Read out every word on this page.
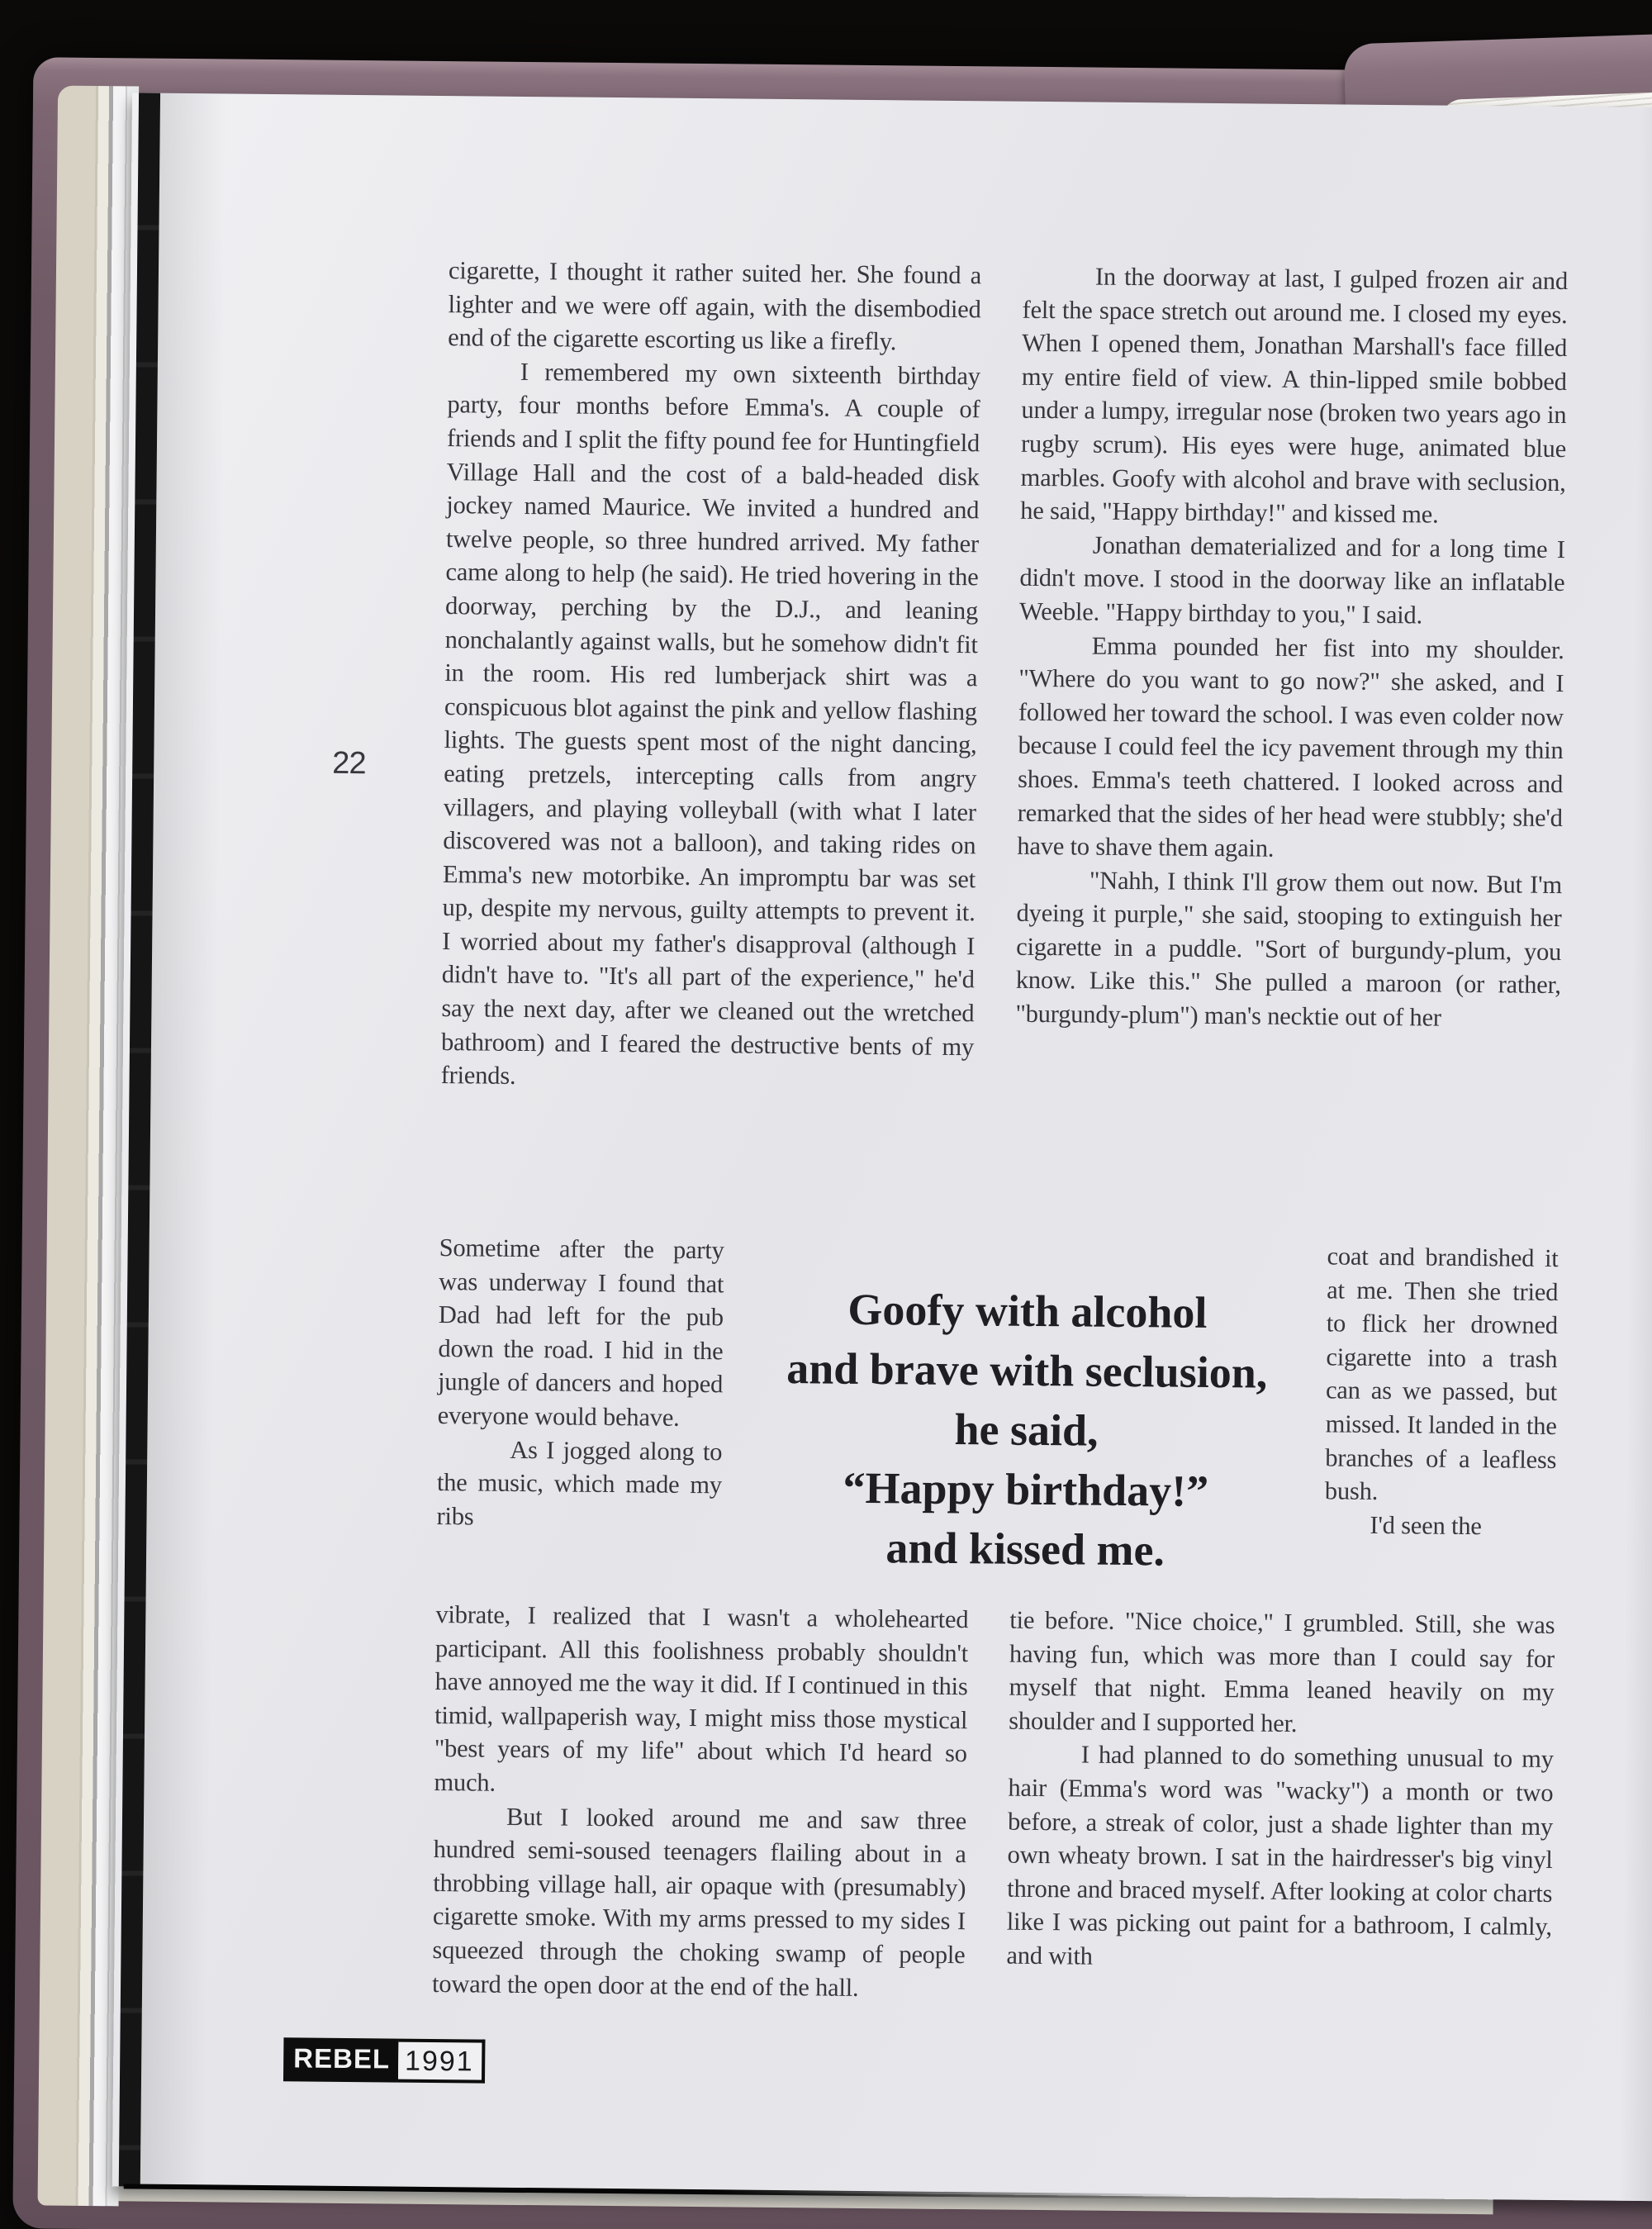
22

cigarette, I thought it rather suited her. She found a lighter and we were off again, with the disembodied end of the cigarette escorting us like a firefly.

I remembered my own sixteenth birthday party, four months before Emma's. A couple of friends and I split the fifty pound fee for Huntingfield Village Hall and the cost of a bald-headed disk jockey named Maurice. We invited a hundred and twelve people, so three hundred arrived. My father came along to help (he said). He tried hovering in the doorway, perching by the D.J., and leaning nonchalantly against walls, but he somehow didn't fit in the room. His red lumberjack shirt was a conspicuous blot against the pink and yellow flashing lights. The guests spent most of the night dancing, eating pretzels, intercepting calls from angry villagers, and playing volleyball (with what I later discovered was not a balloon), and taking rides on Emma's new motorbike. An impromptu bar was set up, despite my nervous, guilty attempts to prevent it. I worried about my father's disapproval (although I didn't have to. "It's all part of the experience," he'd say the next day, after we cleaned out the wretched bathroom) and I feared the destructive bents of my friends.

Sometime after the party was underway I found that Dad had left for the pub down the road. I hid in the jungle of dancers and hoped everyone would behave.

As I jogged along to the music, which made my ribs

vibrate, I realized that I wasn't a wholehearted participant. All this foolishness probably shouldn't have annoyed me the way it did. If I continued in this timid, wallpaperish way, I might miss those mystical "best years of my life" about which I'd heard so much.

But I looked around me and saw three hundred semi-soused teenagers flailing about in a throbbing village hall, air opaque with (presumably) cigarette smoke. With my arms pressed to my sides I squeezed through the choking swamp of people toward the open door at the end of the hall.

In the doorway at last, I gulped frozen air and felt the space stretch out around me. I closed my eyes. When I opened them, Jonathan Marshall's face filled my entire field of view. A thin-lipped smile bobbed under a lumpy, irregular nose (broken two years ago in rugby scrum). His eyes were huge, animated blue marbles. Goofy with alcohol and brave with seclusion, he said, "Happy birthday!" and kissed me.

Jonathan dematerialized and for a long time I didn't move. I stood in the doorway like an inflatable Weeble. "Happy birthday to you," I said.

Emma pounded her fist into my shoulder. "Where do you want to go now?" she asked, and I followed her toward the school. I was even colder now because I could feel the icy pavement through my thin shoes. Emma's teeth chattered. I looked across and remarked that the sides of her head were stubbly; she'd have to shave them again.

"Nahh, I think I'll grow them out now. But I'm dyeing it purple," she said, stooping to extinguish her cigarette in a puddle. "Sort of burgundy-plum, you know. Like this." She pulled a maroon (or rather, "burgundy-plum") man's necktie out of her

coat and brandished it at me. Then she tried to flick her drowned cigarette into a trash can as we passed, but missed. It landed in the branches of a leafless bush.

I'd seen the

tie before. "Nice choice," I grumbled. Still, she was having fun, which was more than I could say for myself that night. Emma leaned heavily on my shoulder and I supported her.

I had planned to do something unusual to my hair (Emma's word was "wacky") a month or two before, a streak of color, just a shade lighter than my own wheaty brown. I sat in the hairdresser's big vinyl throne and braced myself. After looking at color charts like I was picking out paint for a bathroom, I calmly, and with

Goofy with alcohol
and brave with seclusion,
he said,
“Happy birthday!”
and kissed me.
REBEL 1991
